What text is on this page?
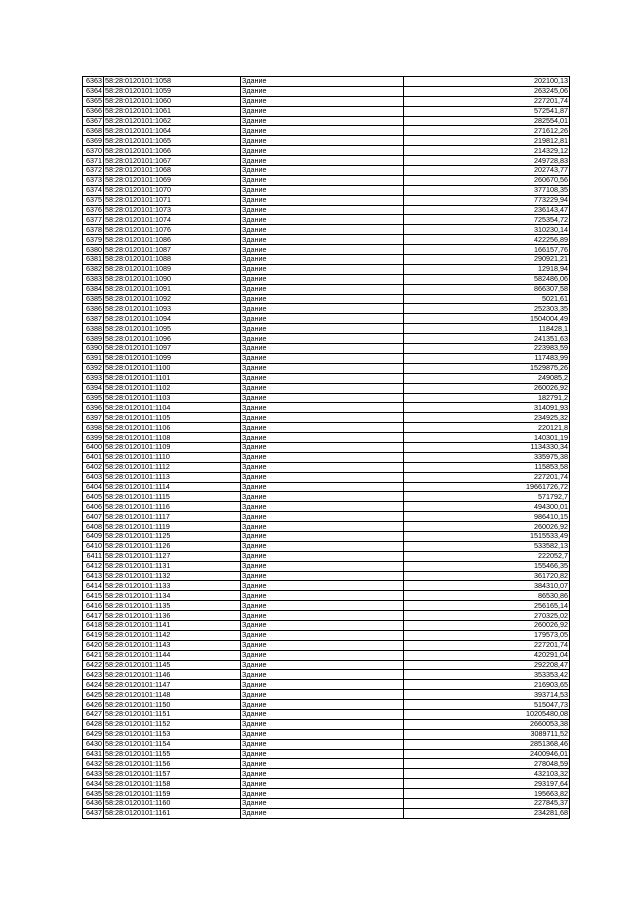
6363	58:28:0120101:1058	Здание	202100,13
6364	58:28:0120101:1059	Здание	263245,06
6365	58:28:0120101:1060	Здание	227201,74
6366	58:28:0120101:1061	Здание	572541,87
6367	58:28:0120101:1062	Здание	282554,01
6368	58:28:0120101:1064	Здание	271612,26
6369	58:28:0120101:1065	Здание	219812,81
6370	58:28:0120101:1066	Здание	214329,12
6371	58:28:0120101:1067	Здание	249728,83
6372	58:28:0120101:1068	Здание	202743,77
6373	58:28:0120101:1069	Здание	260670,56
6374	58:28:0120101:1070	Здание	377108,35
6375	58:28:0120101:1071	Здание	773229,94
6376	58:28:0120101:1073	Здание	236143,47
6377	58:28:0120101:1074	Здание	725354,72
6378	58:28:0120101:1076	Здание	310230,14
6379	58:28:0120101:1086	Здание	422256,89
6380	58:28:0120101:1087	Здание	166157,76
6381	58:28:0120101:1088	Здание	290921,21
6382	58:28:0120101:1089	Здание	12918,94
6383	58:28:0120101:1090	Здание	582486,06
6384	58:28:0120101:1091	Здание	866307,58
6385	58:28:0120101:1092	Здание	5021,61
6386	58:28:0120101:1093	Здание	252303,35
6387	58:28:0120101:1094	Здание	1504004,49
6388	58:28:0120101:1095	Здание	118428,1
6389	58:28:0120101:1096	Здание	241351,63
6390	58:28:0120101:1097	Здание	223983,59
6391	58:28:0120101:1099	Здание	117483,99
6392	58:28:0120101:1100	Здание	1529875,26
6393	58:28:0120101:1101	Здание	249085,2
6394	58:28:0120101:1102	Здание	260026,92
6395	58:28:0120101:1103	Здание	182791,2
6396	58:28:0120101:1104	Здание	314091,93
6397	58:28:0120101:1105	Здание	234925,32
6398	58:28:0120101:1106	Здание	220121,8
6399	58:28:0120101:1108	Здание	140301,19
6400	58:28:0120101:1109	Здание	1134330,34
6401	58:28:0120101:1110	Здание	335975,38
6402	58:28:0120101:1112	Здание	115853,58
6403	58:28:0120101:1113	Здание	227201,74
6404	58:28:0120101:1114	Здание	19661726,72
6405	58:28:0120101:1115	Здание	571792,7
6406	58:28:0120101:1116	Здание	494300,01
6407	58:28:0120101:1117	Здание	986410,15
6408	58:28:0120101:1119	Здание	260026,92
6409	58:28:0120101:1125	Здание	1515533,49
6410	58:28:0120101:1126	Здание	533582,13
6411	58:28:0120101:1127	Здание	222052,7
6412	58:28:0120101:1131	Здание	155466,35
6413	58:28:0120101:1132	Здание	361720,82
6414	58:28:0120101:1133	Здание	384310,07
6415	58:28:0120101:1134	Здание	86530,86
6416	58:28:0120101:1135	Здание	256165,14
6417	58:28:0120101:1136	Здание	270325,02
6418	58:28:0120101:1141	Здание	260026,92
6419	58:28:0120101:1142	Здание	179573,05
6420	58:28:0120101:1143	Здание	227201,74
6421	58:28:0120101:1144	Здание	420291,04
6422	58:28:0120101:1145	Здание	292208,47
6423	58:28:0120101:1146	Здание	353353,42
6424	58:28:0120101:1147	Здание	216903,65
6425	58:28:0120101:1148	Здание	393714,53
6426	58:28:0120101:1150	Здание	515047,73
6427	58:28:0120101:1151	Здание	10205480,08
6428	58:28:0120101:1152	Здание	2660053,38
6429	58:28:0120101:1153	Здание	3089711,52
6430	58:28:0120101:1154	Здание	2851368,46
6431	58:28:0120101:1155	Здание	2400946,01
6432	58:28:0120101:1156	Здание	278048,59
6433	58:28:0120101:1157	Здание	432103,32
6434	58:28:0120101:1158	Здание	293197,64
6435	58:28:0120101:1159	Здание	195663,82
6436	58:28:0120101:1160	Здание	227845,37
6437	58:28:0120101:1161	Здание	234281,68
